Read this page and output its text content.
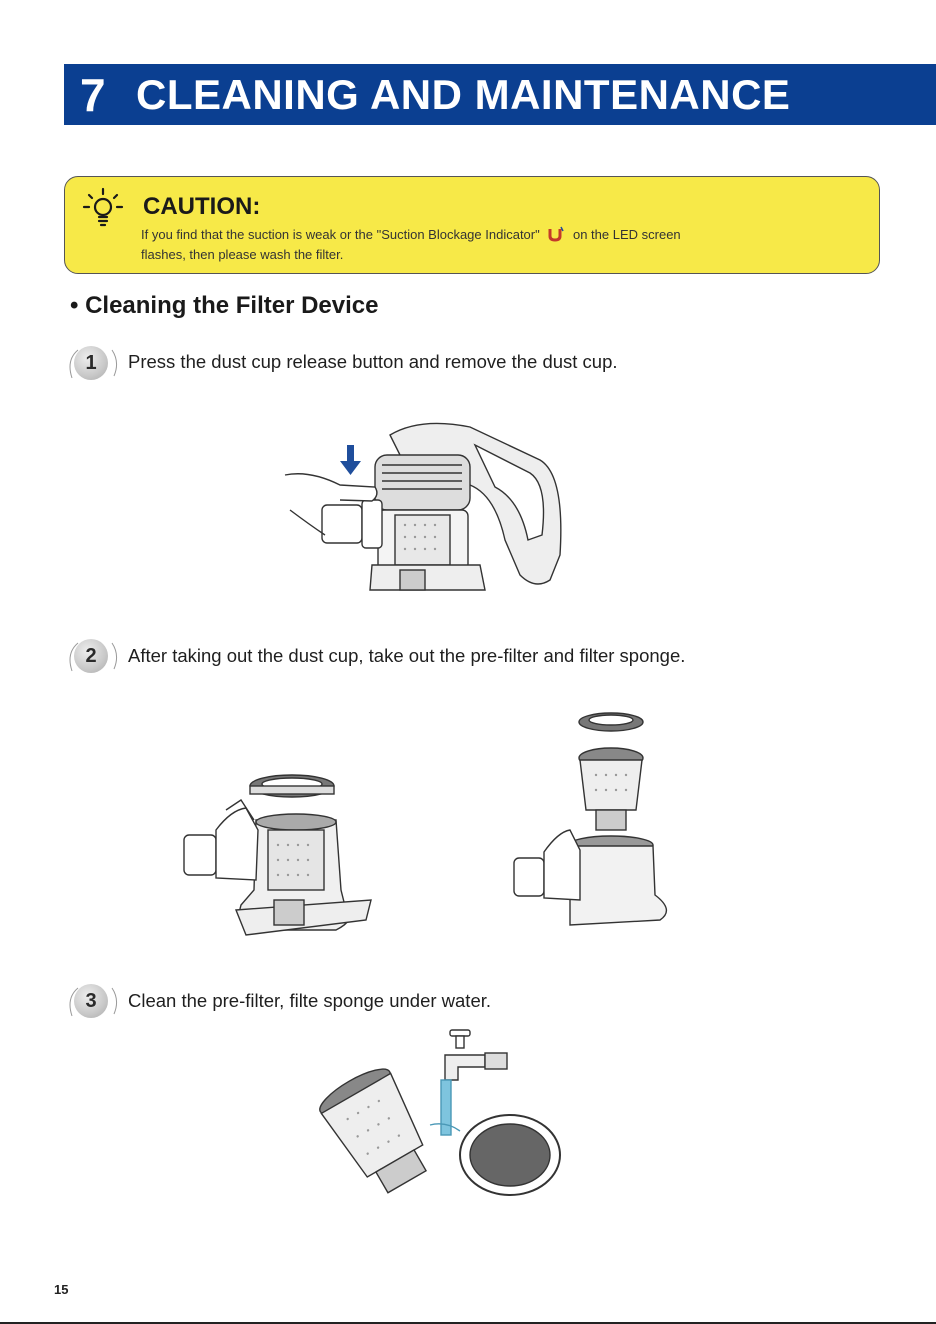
7 CLEANING AND MAINTENANCE
CAUTION:
If you find that the suction is weak or the "Suction Blockage Indicator"	on the LED screen
flashes, then please wash the filter.
• Cleaning the Filter Device
1	Press the dust cup release button and remove the dust cup.
2	After taking out the dust cup, take out the pre-filter and filter sponge.
3	Clean the pre-filter, filte sponge under water.
15
